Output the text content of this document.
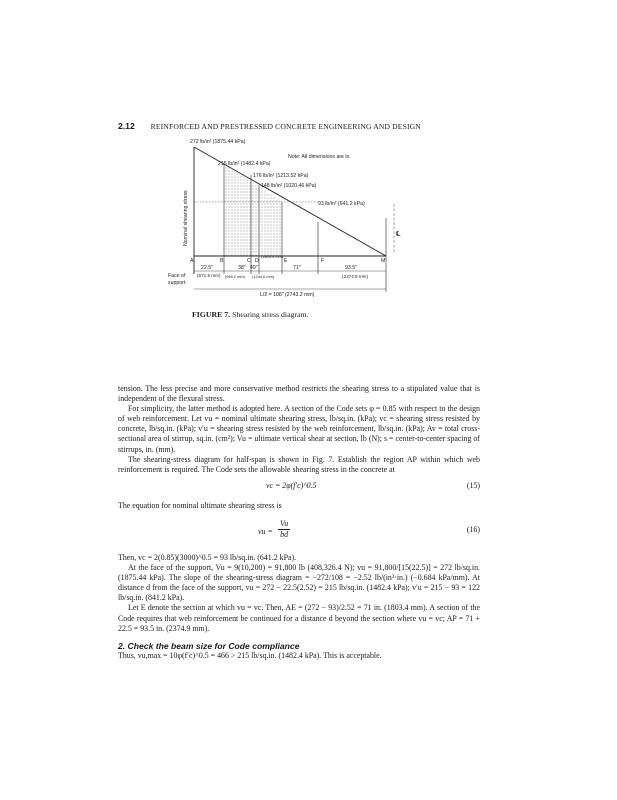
2.12 REINFORCED AND PRESTRESSED CONCRETE ENGINEERING AND DESIGN
A	B	C D	E	F	M
℄
272 lb/in² (1875.44 kPa)
Note: All dimensions are in.
215 lb/in² (1482.4 kPa)
176 lb/in² (1213.52 kPa)
148 lb/in² (1020.46 kPa)
93 lb/in² (641.2 kPa)
Nominal shearing stress
22.5"
(571.5 mm)
38"
(965.2 mm)
49"
(1244.6 mm)
71"
(1803.4 mm)
93.5"
(2374.9 mm)
Face of
support
L/2 = 108" (2743.2 mm)
FIGURE 7. Shearing stress diagram.

tension. The less precise and more conservative method restricts the shearing stress to a stipulated value that is independent of the flexural stress.

For simplicity, the latter method is adopted here. A section of the Code sets φ = 0.85 with respect to the design of web reinforcement. Let vu = nominal ultimate shearing stress, lb/sq.in. (kPa); vc = shearing stress resisted by concrete, lb/sq.in. (kPa); v′u = shearing stress resisted by the web reinforcement, lb/sq.in. (kPa); Av = total cross-sectional area of stirrup, sq.in. (cm²); Vu = ultimate vertical shear at section, lb (N); s = center-to-center spacing of stirrups, in. (mm).

The shearing-stress diagram for half-span is shown in Fig. 7. Establish the region AP within which web reinforcement is required. The Code sets the allowable shearing stress in the concrete at

vc = 2φ(f′c)^0.5	(15)

The equation for nominal ultimate shearing stress is

vu =
Vu
bd
(16)

Then, vc = 2(0.85)(3000)^0.5 = 93 lb/sq.in. (641.2 kPa).

At the face of the support, Vu = 9(10,200) = 91,800 lb (408,326.4 N); vu = 91,800/[15(22.5)] = 272 lb/sq.in. (1875.44 kPa). The slope of the shearing-stress diagram = −272/108 = −2.52 lb/(in²·in.) (−0.684 kPa/mm). At distance d from the face of the support, vu = 272 − 22.5(2.52) = 215 lb/sq.in. (1482.4 kPa); v′u = 215 − 93 = 122 lb/sq.in. (841.2 kPa).

Let E denote the section at which vu = vc. Then, AE = (272 − 93)/2.52 = 71 in. (1803.4 mm). A section of the Code requires that web reinforcement be continued for a distance d beyond the section where vu = vc; AP = 71 + 22.5 = 93.5 in. (2374.9 mm).

2. Check the beam size for Code compliance

Thus, vu,max = 10φ(f′c)^0.5 = 466 > 215 lb/sq.in. (1482.4 kPa). This is acceptable.
